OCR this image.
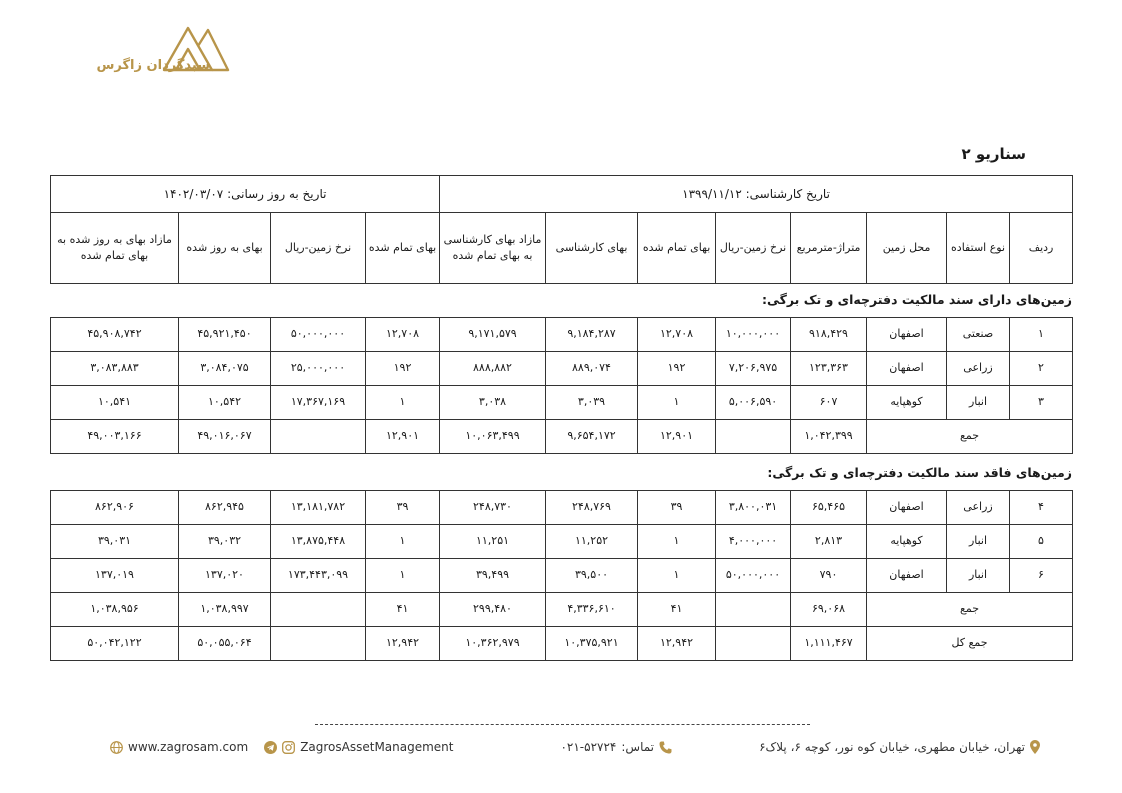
سبدگردان زاگرس
سناریو ۲
تاریخ کارشناسی: ۱۳۹۹/۱۱/۱۲								تاریخ به روز رسانی: ۱۴۰۲/۰۳/۰۷			
ردیف	نوع استفاده	محل زمین	متراژ-مترمربع	نرخ زمین-ریال	بهای تمام شده	بهای کارشناسی	مازاد بهای کارشناسی به بهای تمام شده	بهای تمام شده	نرخ زمین-ریال	بهای به روز شده	مازاد بهای به روز شده به بهای تمام شده
زمین‌های دارای سند مالکیت دفترچه‌ای و تک برگی:
۱	صنعتی	اصفهان	۹۱۸,۴۲۹	۱۰,۰۰۰,۰۰۰	۱۲,۷۰۸	۹,۱۸۴,۲۸۷	۹,۱۷۱,۵۷۹	۱۲,۷۰۸	۵۰,۰۰۰,۰۰۰	۴۵,۹۲۱,۴۵۰	۴۵,۹۰۸,۷۴۲
۲	زراعی	اصفهان	۱۲۳,۳۶۳	۷,۲۰۶,۹۷۵	۱۹۲	۸۸۹,۰۷۴	۸۸۸,۸۸۲	۱۹۲	۲۵,۰۰۰,۰۰۰	۳,۰۸۴,۰۷۵	۳,۰۸۳,۸۸۳
۳	انبار	کوهپایه	۶۰۷	۵,۰۰۶,۵۹۰	۱	۳,۰۳۹	۳,۰۳۸	۱	۱۷,۳۶۷,۱۶۹	۱۰,۵۴۲	۱۰,۵۴۱
جمع			۱,۰۴۲,۳۹۹		۱۲,۹۰۱	۹,۶۵۴,۱۷۲	۱۰,۰۶۳,۴۹۹	۱۲,۹۰۱		۴۹,۰۱۶,۰۶۷	۴۹,۰۰۳,۱۶۶
زمین‌های فاقد سند مالکیت دفترچه‌ای و تک برگی:
۴	زراعی	اصفهان	۶۵,۴۶۵	۳,۸۰۰,۰۳۱	۳۹	۲۴۸,۷۶۹	۲۴۸,۷۳۰	۳۹	۱۳,۱۸۱,۷۸۲	۸۶۲,۹۴۵	۸۶۲,۹۰۶
۵	انبار	کوهپایه	۲,۸۱۳	۴,۰۰۰,۰۰۰	۱	۱۱,۲۵۲	۱۱,۲۵۱	۱	۱۳,۸۷۵,۴۴۸	۳۹,۰۳۲	۳۹,۰۳۱
۶	انبار	اصفهان	۷۹۰	۵۰,۰۰۰,۰۰۰	۱	۳۹,۵۰۰	۳۹,۴۹۹	۱	۱۷۳,۴۴۳,۰۹۹	۱۳۷,۰۲۰	۱۳۷,۰۱۹
جمع			۶۹,۰۶۸		۴۱	۴,۳۳۶,۶۱۰	۲۹۹,۴۸۰	۴۱		۱,۰۳۸,۹۹۷	۱,۰۳۸,۹۵۶
جمع کل			۱,۱۱۱,۴۶۷		۱۲,۹۴۲	۱۰,۳۷۵,۹۲۱	۱۰,۳۶۲,۹۷۹	۱۲,۹۴۲		۵۰,۰۵۵,۰۶۴	۵۰,۰۴۲,۱۲۲
تهران، خیابان مطهری، خیابان کوه نور، کوچه ۶، پلاک۶
تماس:
۰۲۱-۵۲۷۲۴
www.zagrosam.com	ZagrosAssetManagement
